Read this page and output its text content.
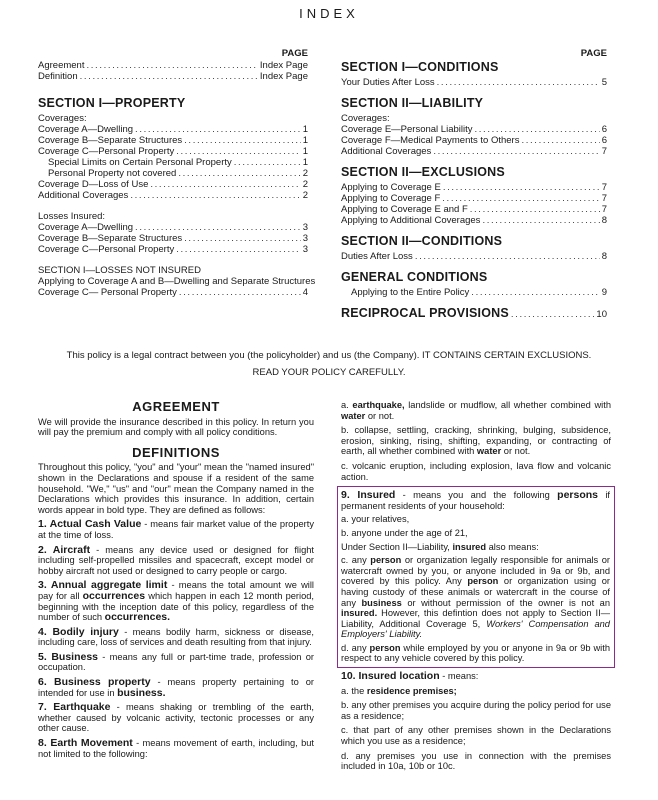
INDEX
PAGE
Agreement . . .	Index Page
Definition . . .	Index Page
SECTION I—PROPERTY
Coverages:
Coverage A—Dwelling . . .	1
Coverage B—Separate Structures . . .	1
Coverage C—Personal Property . . .	1
Special Limits on Certain Personal Property . . .	1
Personal Property not covered . . .	2
Coverage D—Loss of Use . . .	2
Additional Coverages . . .	2
Losses Insured:
Coverage A—Dwelling . . .	3
Coverage B—Separate Structures . . .	3
Coverage C—Personal Property . . .	3
SECTION I—LOSSES NOT INSURED
Applying to Coverage A and B—Dwelling and Separate Structures
Coverage C— Personal Property . . .	4
PAGE
SECTION I—CONDITIONS
Your Duties After Loss . . .	5
SECTION II—LIABILITY
Coverages:
Coverage E—Personal Liability . . .	6
Coverage F—Medical Payments to Others . . .	6
Additional Coverages . . .	7
SECTION II—EXCLUSIONS
Applying to Coverage E . . .	7
Applying to Coverage F . . .	7
Applying to Coverage E and F . . .	7
Applying to Additional Coverages . . .	8
SECTION II—CONDITIONS
Duties After Loss . . .	8
GENERAL CONDITIONS
Applying to the Entire Policy . . .	9
RECIPROCAL PROVISIONS . . .	10
This policy is a legal contract between you (the policyholder) and us (the Company). IT CONTAINS CERTAIN EXCLUSIONS.
READ YOUR POLICY CAREFULLY.
AGREEMENT

We will provide the insurance described in this policy. In return you will pay the premium and comply with all policy conditions.

DEFINITIONS

Throughout this policy, "you" and "your" mean the "named insured" shown in the Declarations and spouse if a resident of the same household. "We," "us" and "our" mean the Company named in the Declarations which provides this insurance. In addition, certain words appear in bold type. They are defined as follows:

1. Actual Cash Value - means fair market value of the property at the time of loss.

2. Aircraft - means any device used or designed for flight including self-propelled missiles and spacecraft, except model or hobby aircraft not used or designed to carry people or cargo.

3. Annual aggregate limit - means the total amount we will pay for all occurrences which happen in each 12 month period, beginning with the inception date of this policy, regardless of the number of such occurrences.

4. Bodily injury - means bodily harm, sickness or disease, including care, loss of services and death resulting from that injury.

5. Business - means any full or part-time trade, profession or occupation.

6. Business property - means property pertaining to or intended for use in business.

7. Earthquake - means shaking or trembling of the earth, whether caused by volcanic activity, tectonic processes or any other cause.

8. Earth Movement - means movement of earth, including, but not limited to the following:

a. earthquake, landslide or mudflow, all whether combined with water or not.

b. collapse, settling, cracking, shrinking, bulging, subsidence, erosion, sinking, rising, shifting, expanding, or contracting of earth, all whether combined with water or not.

c. volcanic eruption, including explosion, lava flow and volcanic action.

9. Insured - means you and the following persons if permanent residents of your household:

a. your relatives,

b. anyone under the age of 21,

Under Section II—Liability, insured also means:

c. any person or organization legally responsible for animals or watercraft owned by you, or anyone included in 9a or 9b, and covered by this policy. Any person or organization using or having custody of these animals or watercraft in the course of any business or without permission of the owner is not an insured. However, this defintion does not apply to Section II—Liability, Additional Coverage 5, Workers' Compensation and Employers' Liability.

d. any person while employed by you or anyone in 9a or 9b with respect to any vehicle covered by this policy.

10. Insured location - means:

a. the residence premises;

b. any other premises you acquire during the policy period for use as a residence;

c. that part of any other premises shown in the Declarations which you use as a residence;

d. any premises you use in connection with the premises included in 10a, 10b or 10c.
